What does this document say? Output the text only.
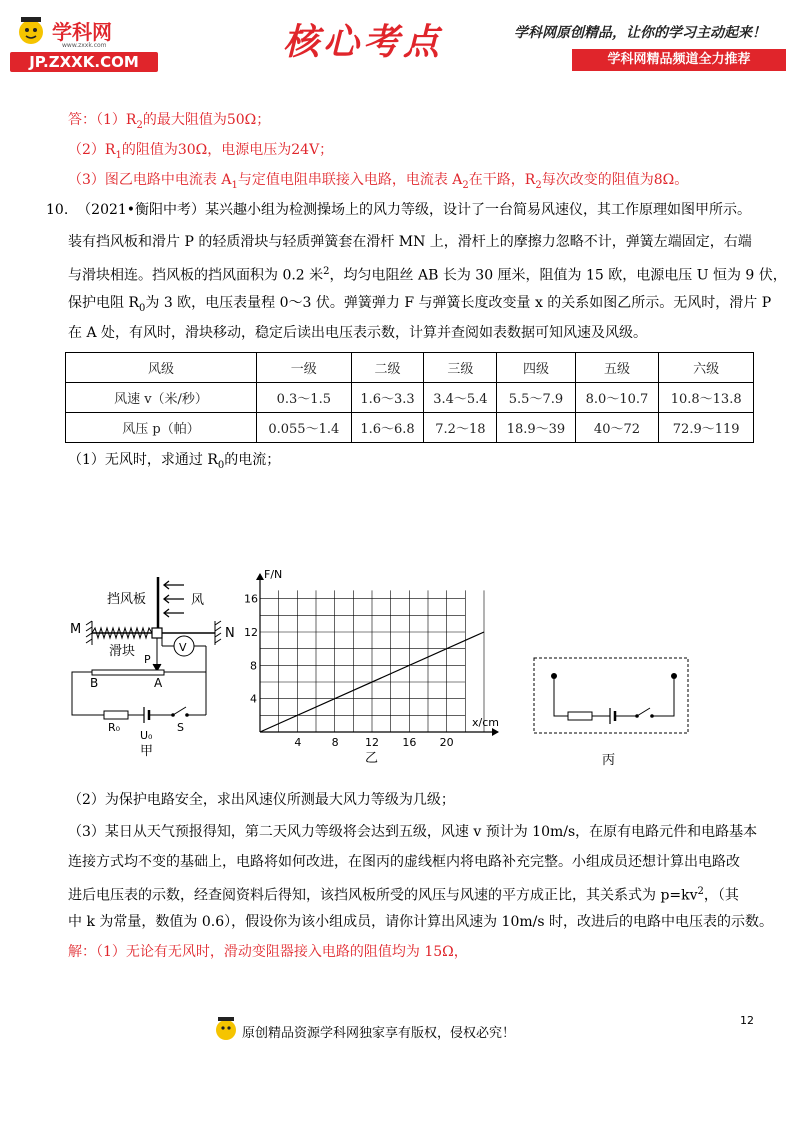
学科网
www.zxxk.com
JP.ZXXK.COM	核心考点	学科网原创精品，让你的学习主动起来！
学科网精品频道全力推荐
答：$(1)R_2$的最大阻值为50Ω；
$(2)R_1$的阻值为30Ω，电源电压为24V；
（3）图乙电路中电流表 $A_1$与定值电阻串联接入电路，电流表 $A_2$在干路，$R_2$每次改变的阻值为8Ω。
10. （2021•衡阳中考）某兴趣小组为检测操场上的风力等级，设计了一台简易风速仪，其工作原理如图甲所示。
装有挡风板和滑片 P 的轻质滑块与轻质弹簧套在滑杆 MN 上，滑杆上的摩擦力忽略不计，弹簧左端固定，右端
与滑块相连。挡风板的挡风面积为 0.2 米$^2$，均匀电阻丝 AB 长为 30 厘米，阻值为 15 欧，电源电压 U 恒为 9 伏，
保护电阻 $R_0$为 3 欧，电压表量程 0～3 伏。弹簧弹力 F 与弹簧长度改变量 x 的关系如图乙所示。无风时，滑片 P
在 A 处，有风时，滑块移动，稳定后读出电压表示数，计算并查阅如表数据可知风速及风级。
风级	一级	二级	三级	四级	五级	六级
风速 v（米/秒）	0.3～1.5	1.6～3.3	3.4～5.4	5.5～7.9	8.0～10.7	10.8～13.8
风压 p（帕）	0.055～1.4	1.6～6.8	7.2～18	18.9～39	40～72	72.9～119
（1）无风时，求通过 $R_0$的电流；
挡风板	风
M	N
滑块	V
P
B	A
R₀
U₀
S
甲
4	8 12 16 20
4
8
12
16
F/N
x/cm
乙	丙
（2）为保护电路安全，求出风速仪所测最大风力等级为几级；
（3）某日从天气预报得知，第二天风力等级将会达到五级，风速 v 预计为 10m/s，在原有电路元件和电路基本
连接方式均不变的基础上，电路将如何改进，在图丙的虚线框内将电路补充完整。小组成员还想计算出电路改
进后电压表的示数，经查阅资料后得知，该挡风板所受的风压与风速的平方成正比，其关系式为 $p=kv^2$，（其
中 k 为常量，数值为 0.6），假设你为该小组成员，请你计算出风速为 10m/s 时，改进后的电路中电压表的示数。
解：（1）无论有无风时，滑动变阻器接入电路的阻值均为 15Ω，
原创精品资源学科网独家享有版权，侵权必究！
12
